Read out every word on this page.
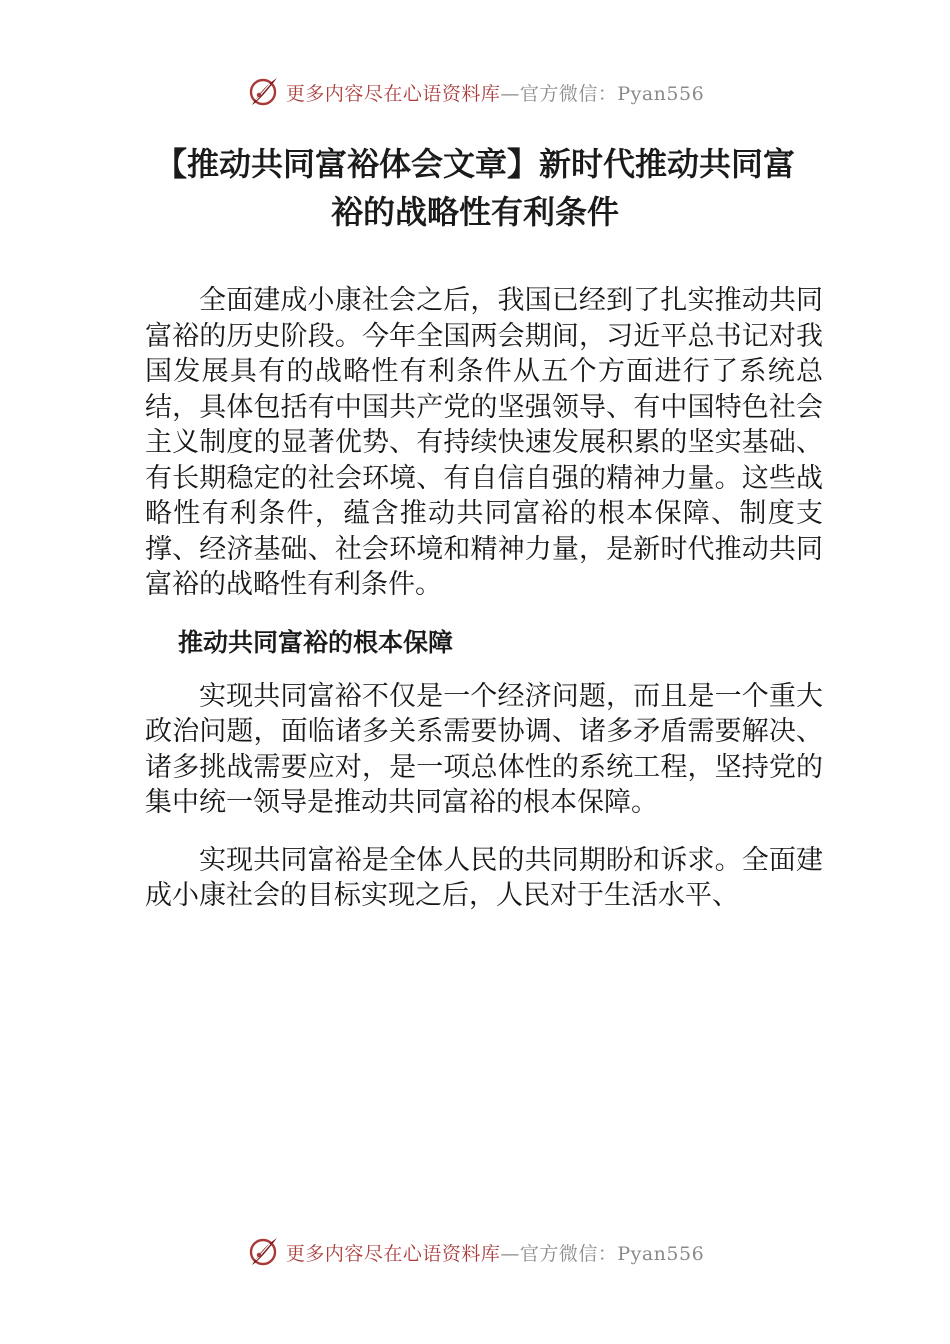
更多内容尽在心语资料库—官方微信：Pyan556
【推动共同富裕体会文章】新时代推动共同富裕的战略性有利条件

全面建成小康社会之后，我国已经到了扎实推动共同富裕的历史阶段。今年全国两会期间，习近平总书记对我国发展具有的战略性有利条件从五个方面进行了系统总结，具体包括有中国共产党的坚强领导、有中国特色社会主义制度的显著优势、有持续快速发展积累的坚实基础、有长期稳定的社会环境、有自信自强的精神力量。这些战略性有利条件，蕴含推动共同富裕的根本保障、制度支撑、经济基础、社会环境和精神力量，是新时代推动共同富裕的战略性有利条件。

推动共同富裕的根本保障

实现共同富裕不仅是一个经济问题，而且是一个重大政治问题，面临诸多关系需要协调、诸多矛盾需要解决、诸多挑战需要应对，是一项总体性的系统工程，坚持党的集中统一领导是推动共同富裕的根本保障。

实现共同富裕是全体人民的共同期盼和诉求。全面建成小康社会的目标实现之后，人民对于生活水平、

更多内容尽在心语资料库—官方微信：Pyan556
